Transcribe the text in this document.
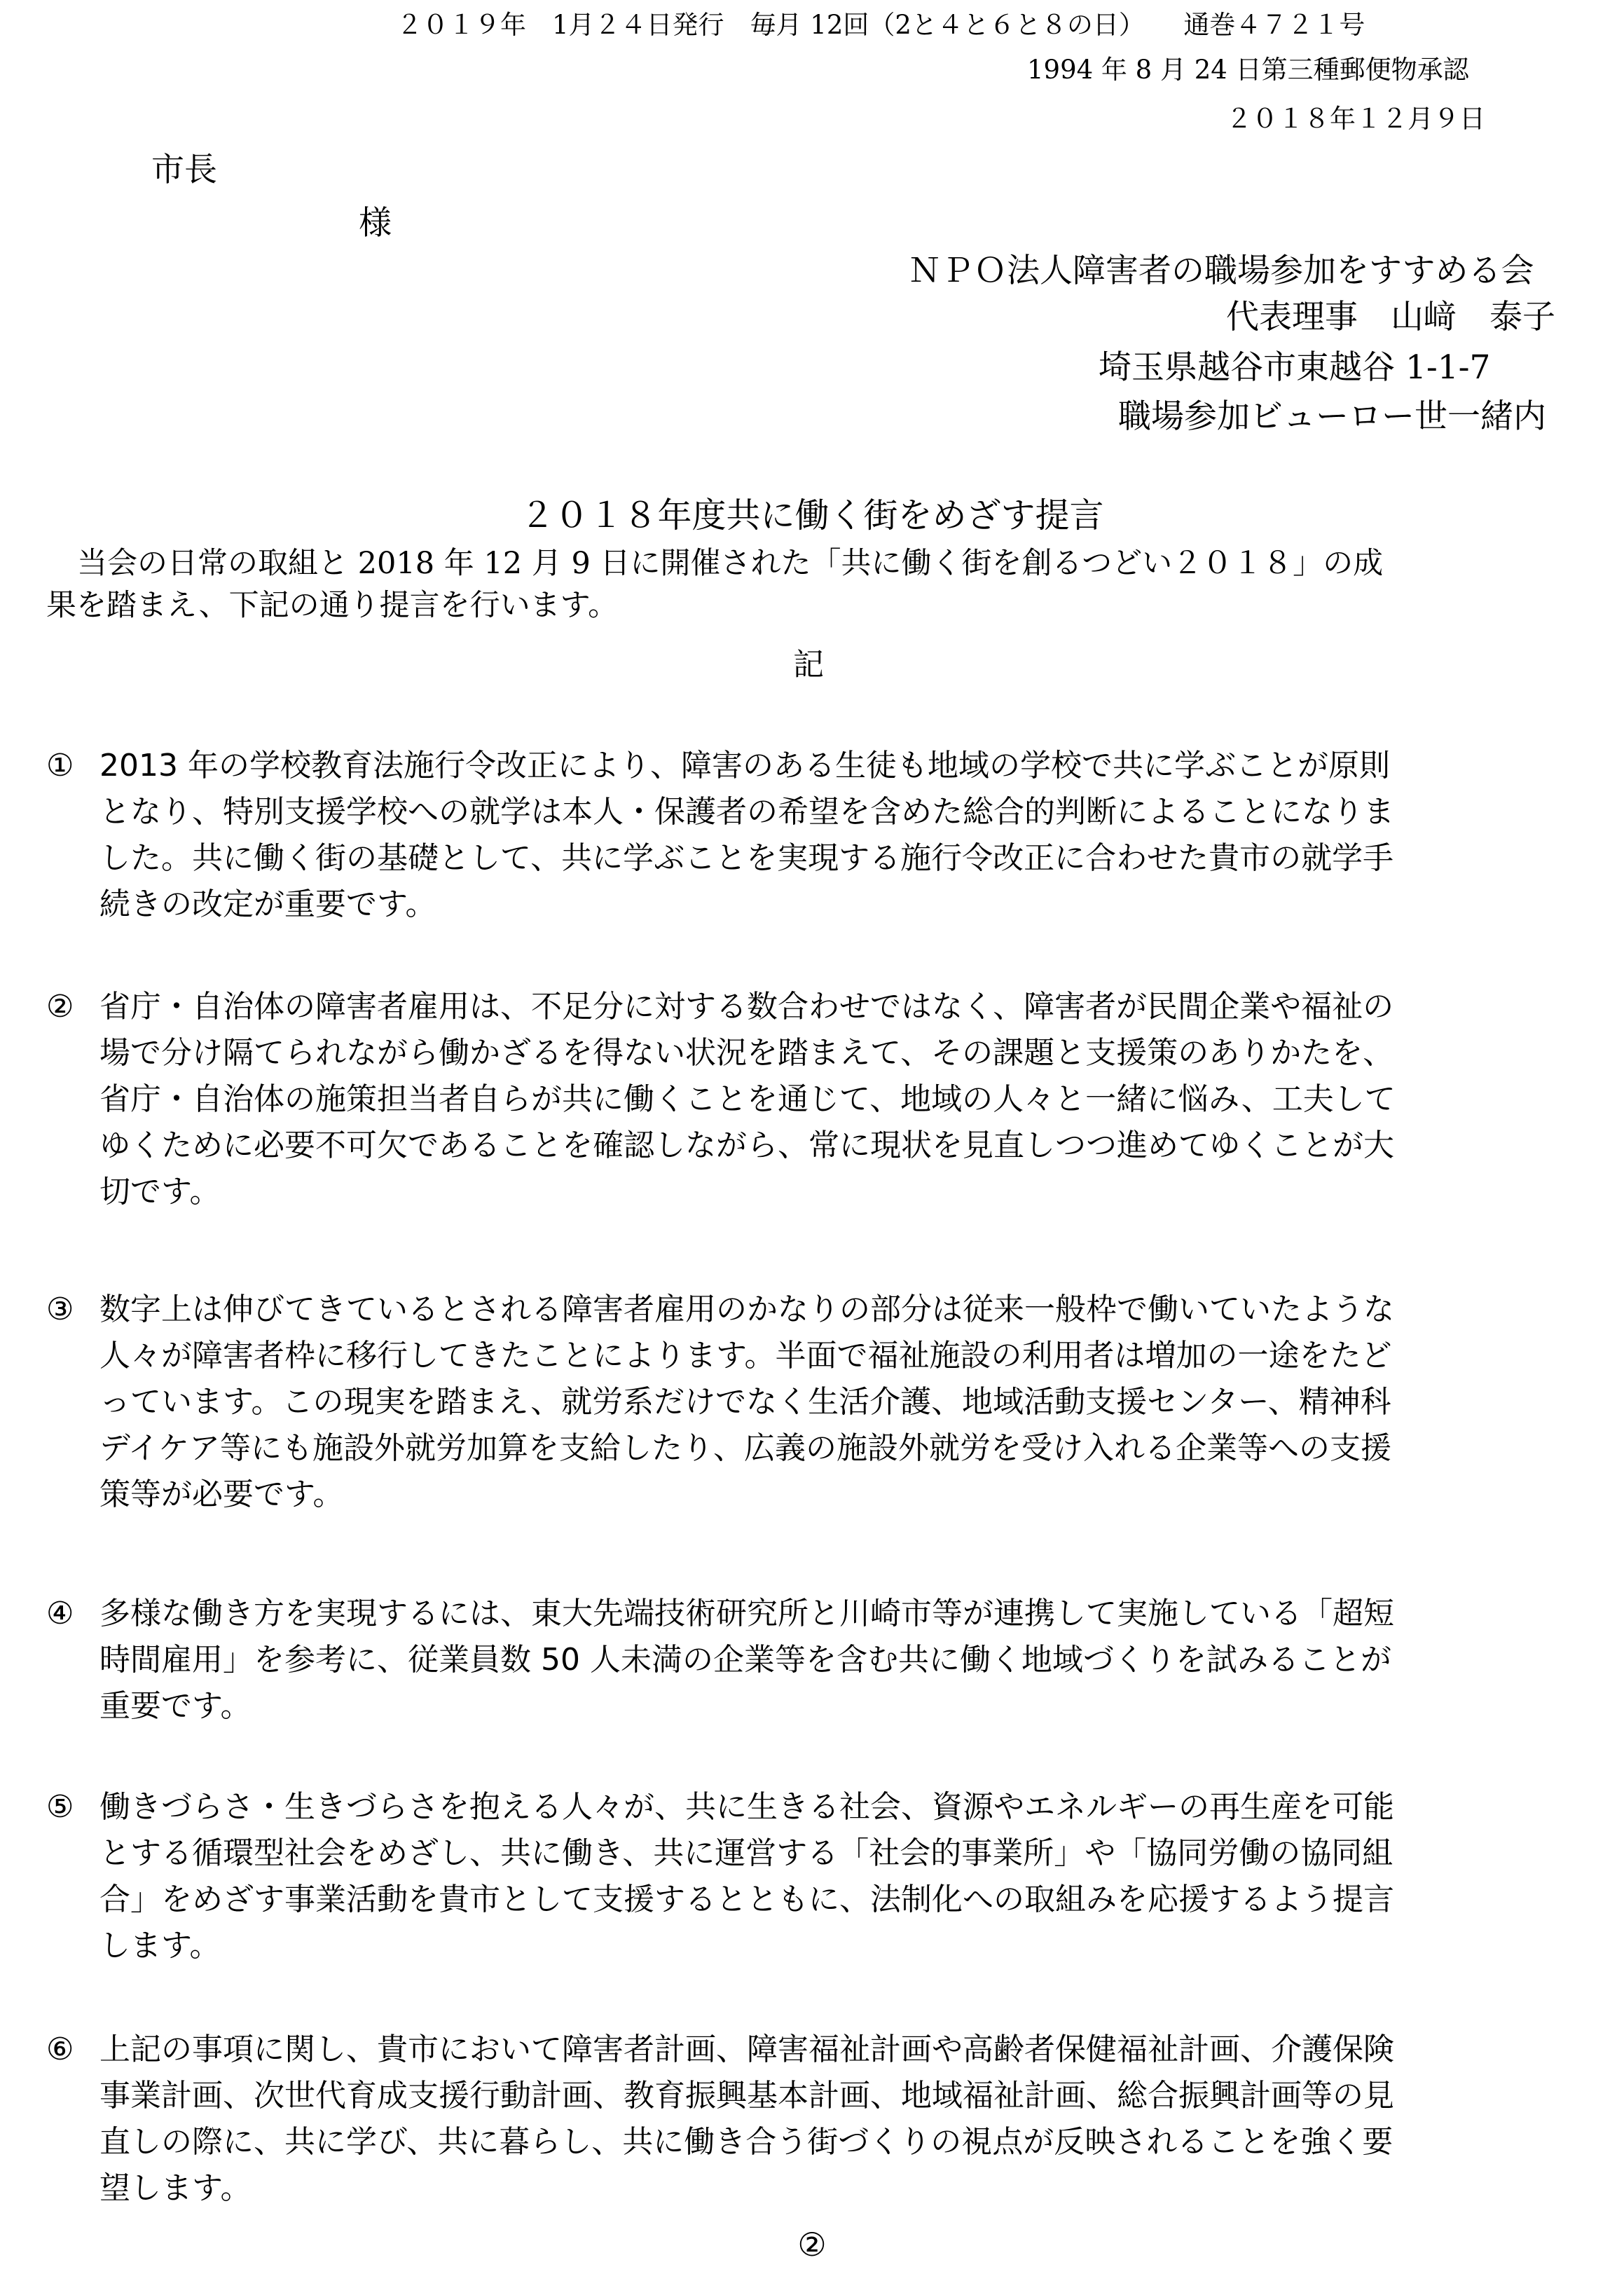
２０１９年　1月２４日発行　毎月 12回（2と４と６と８の日）　　通巻４７２１号
1994 年 8 月 24 日第三種郵便物承認
２０１８年１２月９日
市長
様
ＮＰＯ法人障害者の職場参加をすすめる会
代表理事　山﨑　泰子
埼玉県越谷市東越谷 1-1-7
職場参加ビューロー世一緒内
２０１８年度共に働く街をめざす提言

当会の日常の取組と 2018 年 12 月 9 日に開催された「共に働く街を創るつどい２０１８」の成

果を踏まえ、下記の通り提言を行います。

記
① 2013 年の学校教育法施行令改正により、障害のある生徒も地域の学校で共に学ぶことが原則
となり、特別支援学校への就学は本人・保護者の希望を含めた総合的判断によることになりま
した。共に働く街の基礎として、共に学ぶことを実現する施行令改正に合わせた貴市の就学手
続きの改定が重要です。
② 省庁・自治体の障害者雇用は、不足分に対する数合わせではなく、障害者が民間企業や福祉の
場で分け隔てられながら働かざるを得ない状況を踏まえて、その課題と支援策のありかたを、
省庁・自治体の施策担当者自らが共に働くことを通じて、地域の人々と一緒に悩み、工夫して
ゆくために必要不可欠であることを確認しながら、常に現状を見直しつつ進めてゆくことが大
切です。
③ 数字上は伸びてきているとされる障害者雇用のかなりの部分は従来一般枠で働いていたような
人々が障害者枠に移行してきたことによります。半面で福祉施設の利用者は増加の一途をたど
っています。この現実を踏まえ、就労系だけでなく生活介護、地域活動支援センター、精神科
デイケア等にも施設外就労加算を支給したり、広義の施設外就労を受け入れる企業等への支援
策等が必要です。
④ 多様な働き方を実現するには、東大先端技術研究所と川崎市等が連携して実施している「超短
時間雇用」を参考に、従業員数 50 人未満の企業等を含む共に働く地域づくりを試みることが
重要です。
⑤ 働きづらさ・生きづらさを抱える人々が、共に生きる社会、資源やエネルギーの再生産を可能
とする循環型社会をめざし、共に働き、共に運営する「社会的事業所」や「協同労働の協同組
合」をめざす事業活動を貴市として支援するとともに、法制化への取組みを応援するよう提言
します。
⑥ 上記の事項に関し、貴市において障害者計画、障害福祉計画や高齢者保健福祉計画、介護保険
事業計画、次世代育成支援行動計画、教育振興基本計画、地域福祉計画、総合振興計画等の見
直しの際に、共に学び、共に暮らし、共に働き合う街づくりの視点が反映されることを強く要
望します。
②
